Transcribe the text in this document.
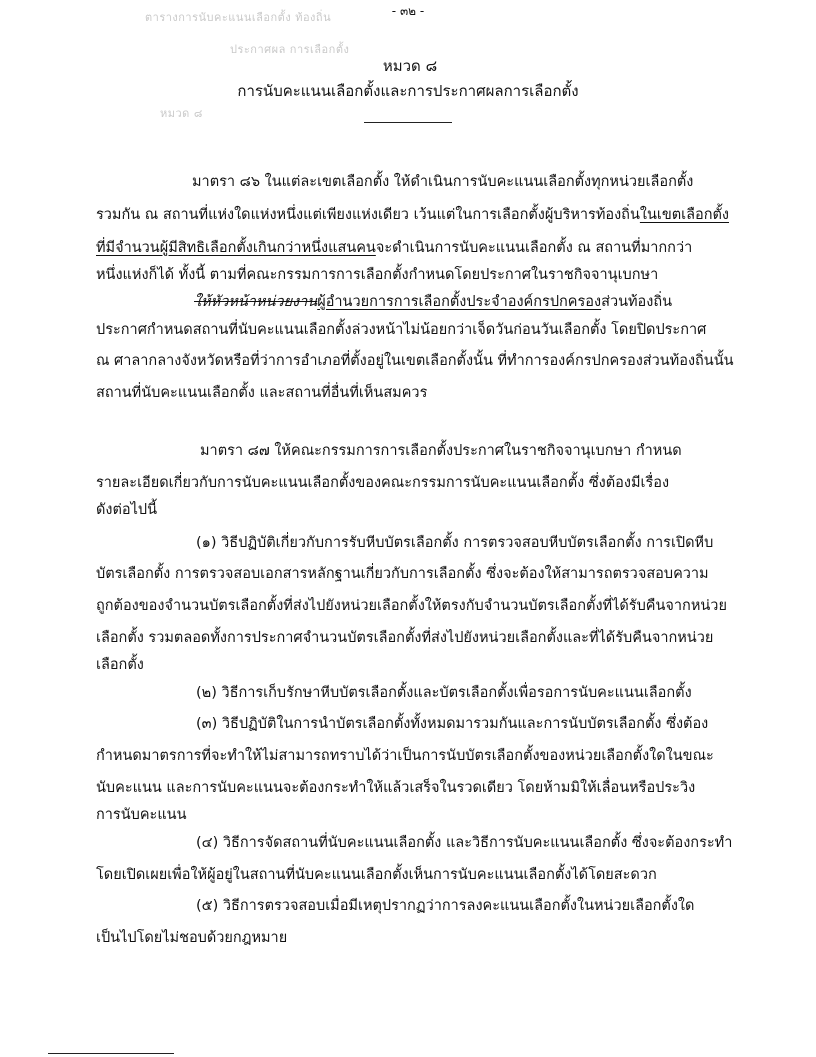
- ๓๒ -
ตารางการนับคะแนนเลือกตั้ง ท้องถิ่น
ประกาศผล การเลือกตั้ง
หมวด ๘
หมวด ๘
การนับคะแนนเลือกตั้งและการประกาศผลการเลือกตั้ง
มาตรา ๘๖ ในแต่ละเขตเลือกตั้ง ให้ดำเนินการนับคะแนนเลือกตั้งทุกหน่วยเลือกตั้ง
รวมกัน ณ สถานที่แห่งใดแห่งหนึ่งแต่เพียงแห่งเดียว เว้นแต่ในการเลือกตั้งผู้บริหารท้องถิ่นในเขตเลือกตั้ง
ที่มีจำนวนผู้มีสิทธิเลือกตั้งเกินกว่าหนึ่งแสนคนจะดำเนินการนับคะแนนเลือกตั้ง ณ สถานที่มากกว่า
หนึ่งแห่งก็ได้ ทั้งนี้ ตามที่คณะกรรมการการเลือกตั้งกำหนดโดยประกาศในราชกิจจานุเบกษา
ให้หัวหน้าหน่วยงานผู้อำนวยการการเลือกตั้งประจำองค์กรปกครองส่วนท้องถิ่น
ประกาศกำหนดสถานที่นับคะแนนเลือกตั้งล่วงหน้าไม่น้อยกว่าเจ็ดวันก่อนวันเลือกตั้ง โดยปิดประกาศ
ณ ศาลากลางจังหวัดหรือที่ว่าการอำเภอที่ตั้งอยู่ในเขตเลือกตั้งนั้น ที่ทำการองค์กรปกครองส่วนท้องถิ่นนั้น
สถานที่นับคะแนนเลือกตั้ง และสถานที่อื่นที่เห็นสมควร
มาตรา ๘๗ ให้คณะกรรมการการเลือกตั้งประกาศในราชกิจจานุเบกษา กำหนด
รายละเอียดเกี่ยวกับการนับคะแนนเลือกตั้งของคณะกรรมการนับคะแนนเลือกตั้ง ซึ่งต้องมีเรื่อง
ดังต่อไปนี้
(๑) วิธีปฏิบัติเกี่ยวกับการรับหีบบัตรเลือกตั้ง การตรวจสอบหีบบัตรเลือกตั้ง การเปิดหีบ
บัตรเลือกตั้ง การตรวจสอบเอกสารหลักฐานเกี่ยวกับการเลือกตั้ง ซึ่งจะต้องให้สามารถตรวจสอบความ
ถูกต้องของจำนวนบัตรเลือกตั้งที่ส่งไปยังหน่วยเลือกตั้งให้ตรงกับจำนวนบัตรเลือกตั้งที่ได้รับคืนจากหน่วย
เลือกตั้ง รวมตลอดทั้งการประกาศจำนวนบัตรเลือกตั้งที่ส่งไปยังหน่วยเลือกตั้งและที่ได้รับคืนจากหน่วย
เลือกตั้ง
(๒) วิธีการเก็บรักษาหีบบัตรเลือกตั้งและบัตรเลือกตั้งเพื่อรอการนับคะแนนเลือกตั้ง
(๓) วิธีปฏิบัติในการนำบัตรเลือกตั้งทั้งหมดมารวมกันและการนับบัตรเลือกตั้ง ซึ่งต้อง
กำหนดมาตรการที่จะทำให้ไม่สามารถทราบได้ว่าเป็นการนับบัตรเลือกตั้งของหน่วยเลือกตั้งใดในขณะ
นับคะแนน และการนับคะแนนจะต้องกระทำให้แล้วเสร็จในรวดเดียว โดยห้ามมิให้เลื่อนหรือประวิง
การนับคะแนน
(๔) วิธีการจัดสถานที่นับคะแนนเลือกตั้ง และวิธีการนับคะแนนเลือกตั้ง ซึ่งจะต้องกระทำ
โดยเปิดเผยเพื่อให้ผู้อยู่ในสถานที่นับคะแนนเลือกตั้งเห็นการนับคะแนนเลือกตั้งได้โดยสะดวก
(๕) วิธีการตรวจสอบเมื่อมีเหตุปรากฏว่าการลงคะแนนเลือกตั้งในหน่วยเลือกตั้งใด
เป็นไปโดยไม่ชอบด้วยกฎหมาย
